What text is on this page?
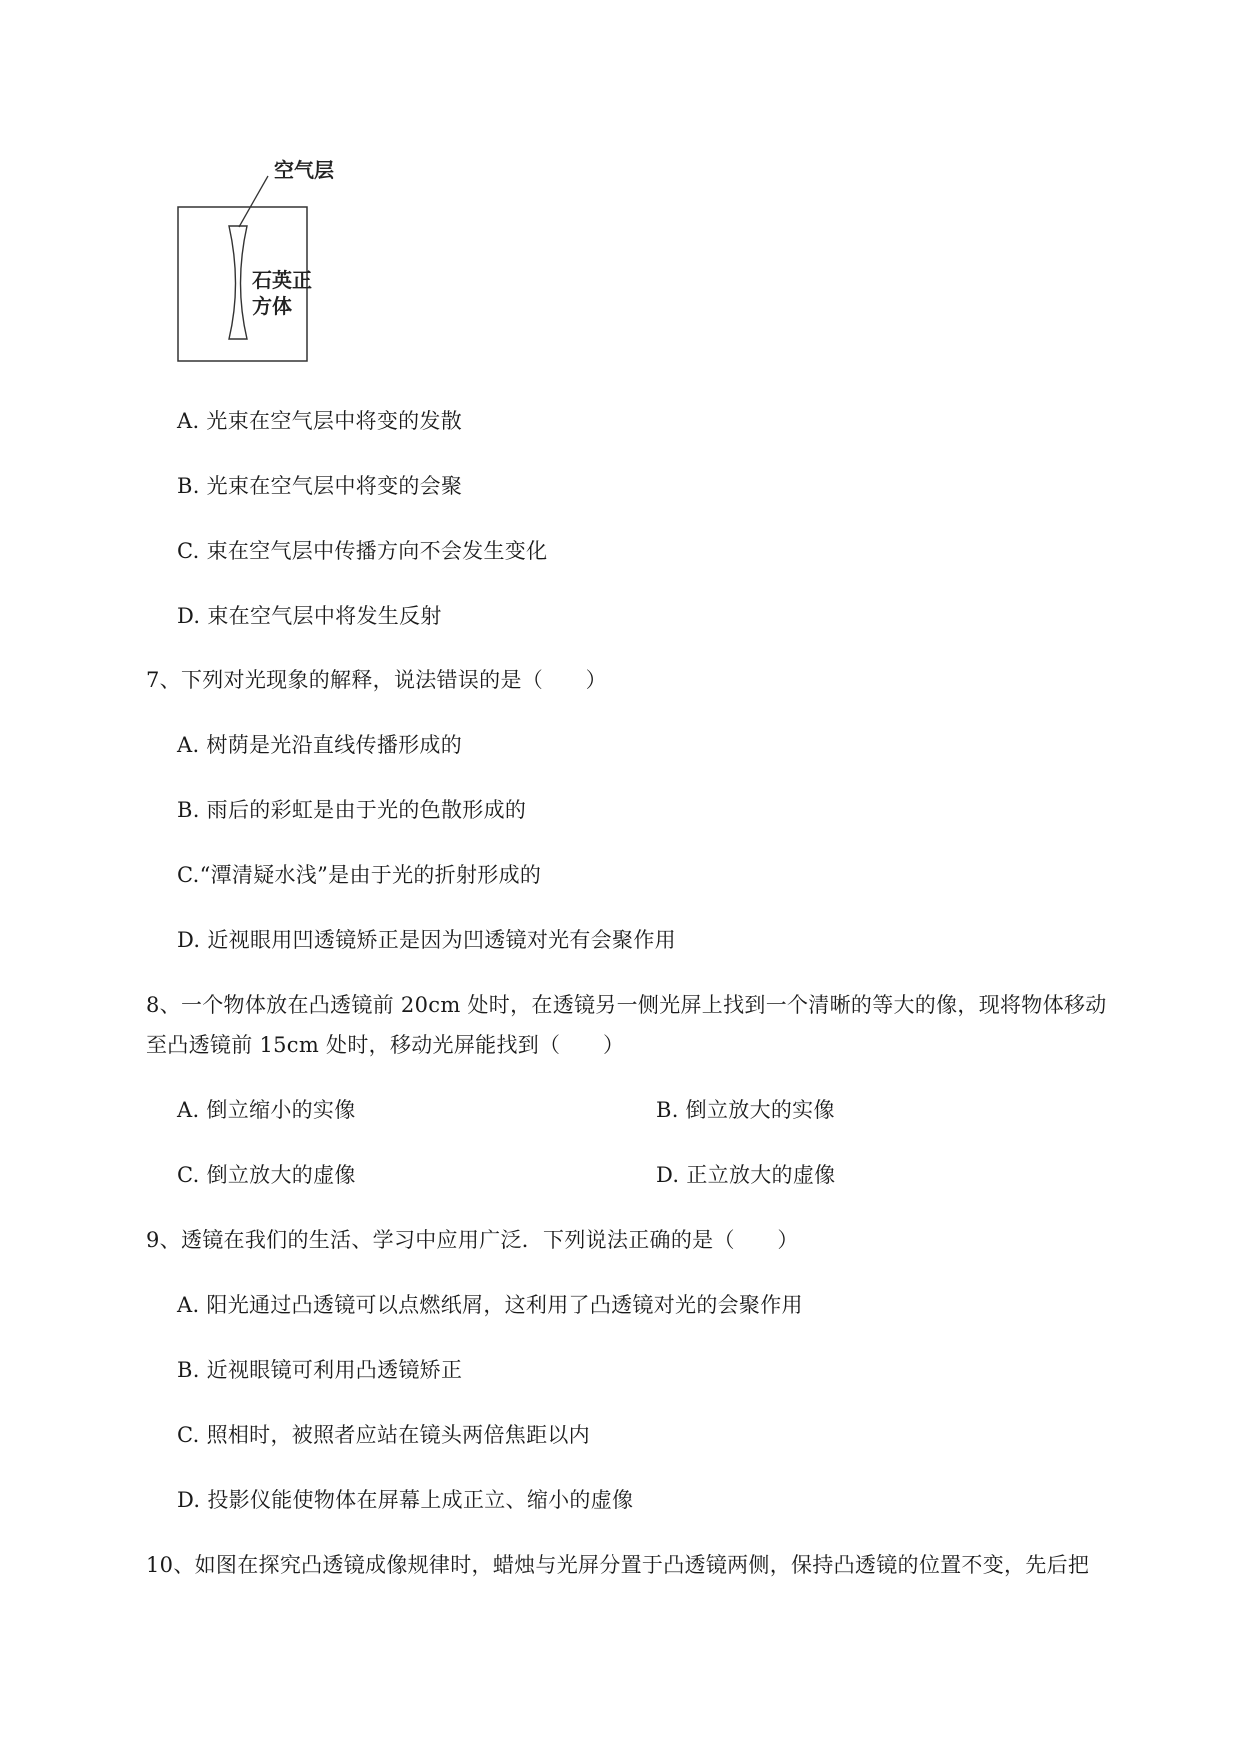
空气层
石英正
方体
A. 光束在空气层中将变的发散
B. 光束在空气层中将变的会聚
C. 束在空气层中传播方向不会发生变化
D. 束在空气层中将发生反射
7、下列对光现象的解释，说法错误的是（　　）
A. 树荫是光沿直线传播形成的
B. 雨后的彩虹是由于光的色散形成的
C.“潭清疑水浅”是由于光的折射形成的
D. 近视眼用凹透镜矫正是因为凹透镜对光有会聚作用
8、一个物体放在凸透镜前 20cm 处时，在透镜另一侧光屏上找到一个清晰的等大的像，现将物体移动
至凸透镜前 15cm 处时，移动光屏能找到（　　）
A. 倒立缩小的实像	B. 倒立放大的实像
C. 倒立放大的虚像	D. 正立放大的虚像
9、透镜在我们的生活、学习中应用广泛．下列说法正确的是（　　）
A. 阳光通过凸透镜可以点燃纸屑，这利用了凸透镜对光的会聚作用
B. 近视眼镜可利用凸透镜矫正
C. 照相时，被照者应站在镜头两倍焦距以内
D. 投影仪能使物体在屏幕上成正立、缩小的虚像
10、如图在探究凸透镜成像规律时，蜡烛与光屏分置于凸透镜两侧，保持凸透镜的位置不变，先后把
